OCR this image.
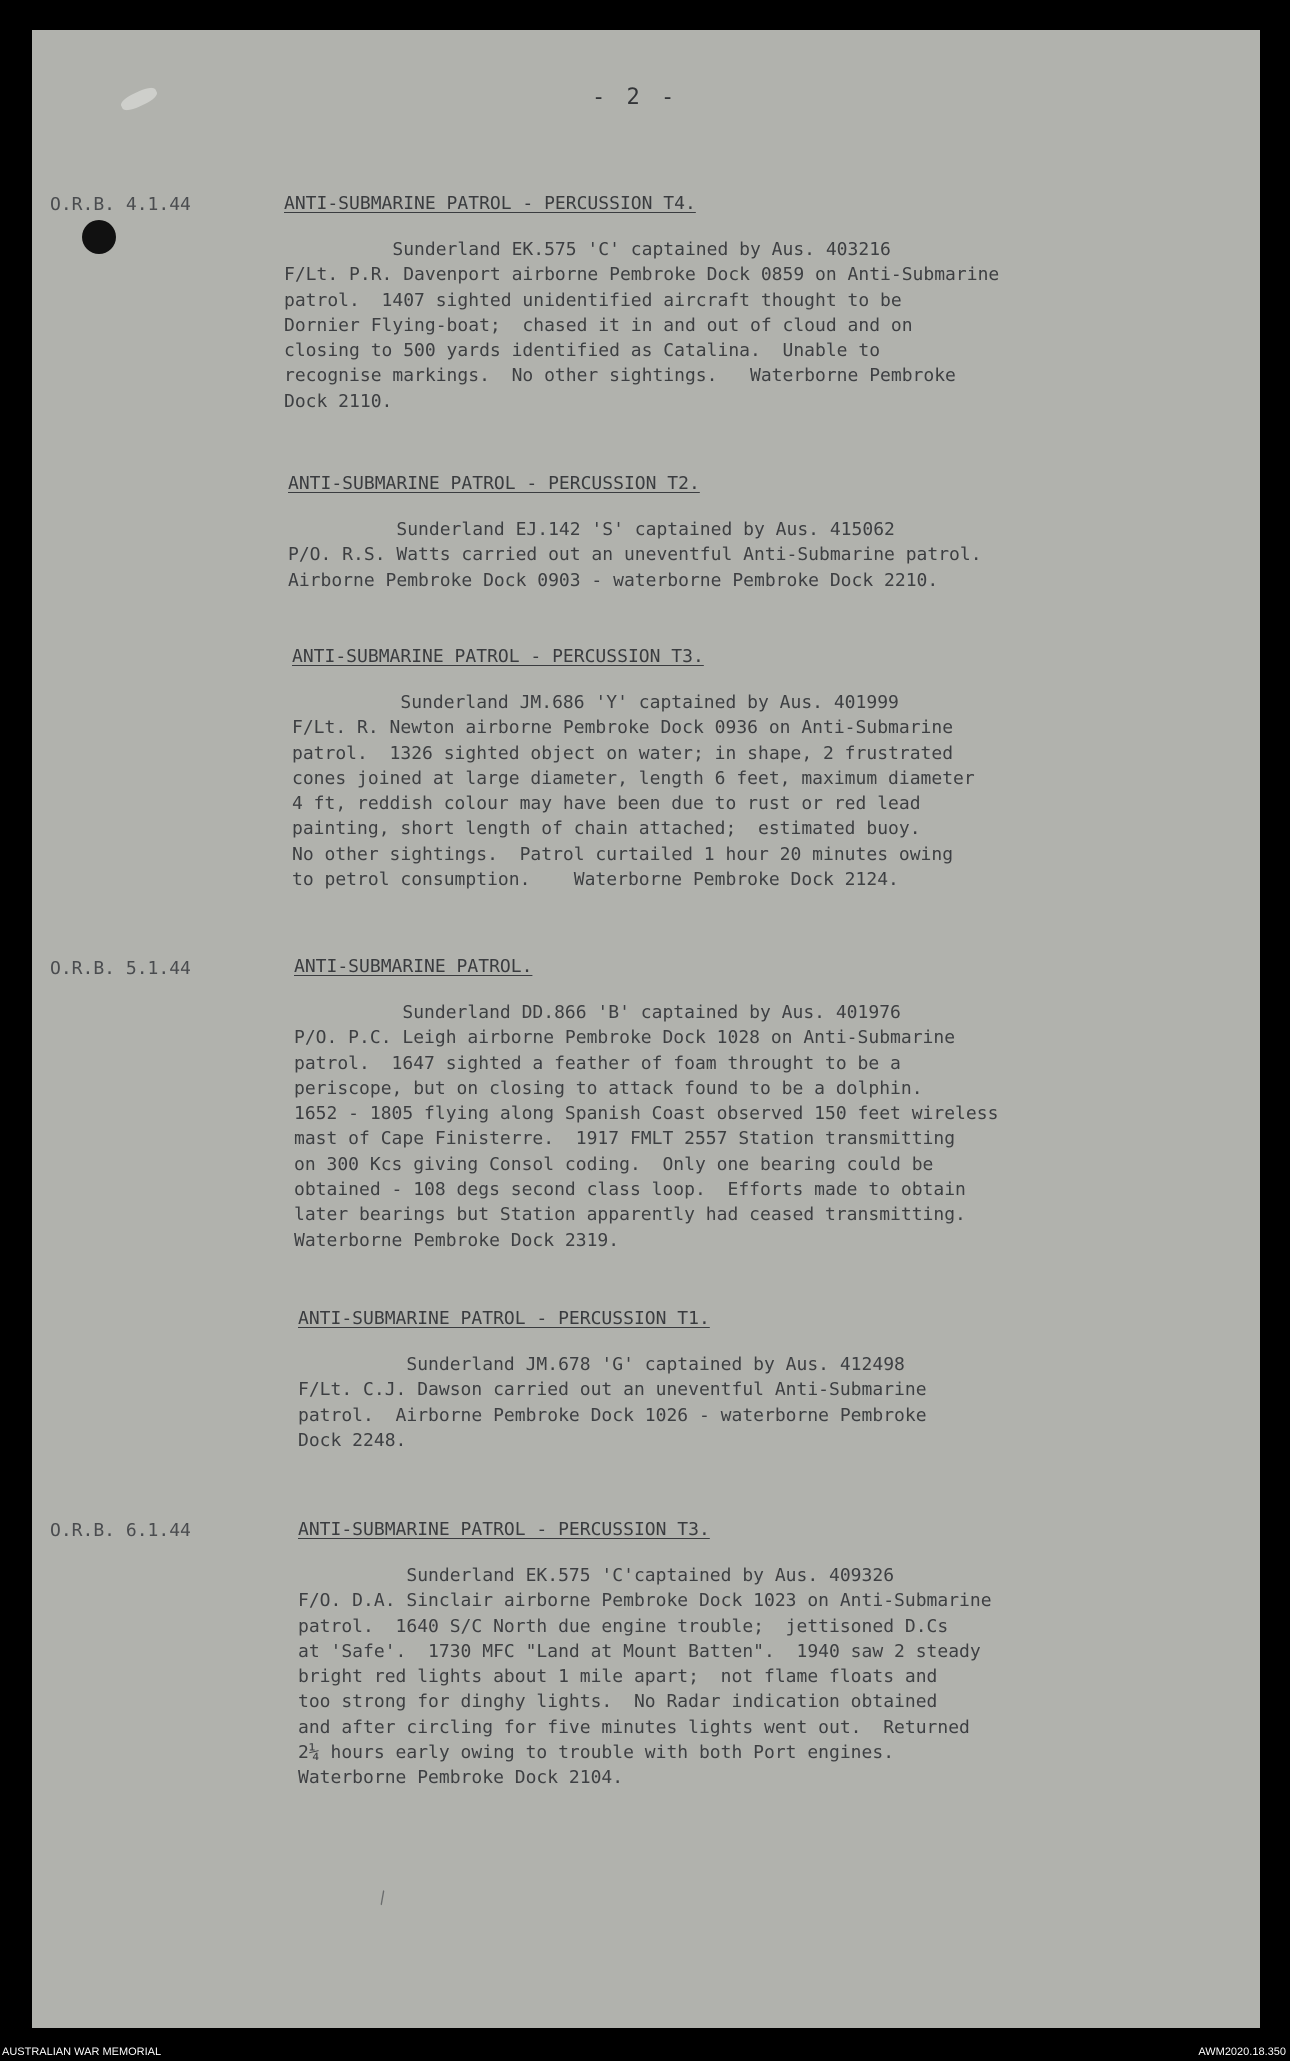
- 2 -
O.R.B. 4.1.44	ANTI-SUBMARINE PATROL - PERCUSSION T4.
Sunderland EK.575 'C' captained by Aus. 403216
F/Lt. P.R. Davenport airborne Pembroke Dock 0859 on Anti-Submarine
patrol.  1407 sighted unidentified aircraft thought to be
Dornier Flying-boat;  chased it in and out of cloud and on
closing to 500 yards identified as Catalina.  Unable to
recognise markings.  No other sightings.   Waterborne Pembroke
Dock 2110.
ANTI-SUBMARINE PATROL - PERCUSSION T2.
Sunderland EJ.142 'S' captained by Aus. 415062
P/O. R.S. Watts carried out an uneventful Anti-Submarine patrol.
Airborne Pembroke Dock 0903 - waterborne Pembroke Dock 2210.
ANTI-SUBMARINE PATROL - PERCUSSION T3.
Sunderland JM.686 'Y' captained by Aus. 401999
F/Lt. R. Newton airborne Pembroke Dock 0936 on Anti-Submarine
patrol.  1326 sighted object on water; in shape, 2 frustrated
cones joined at large diameter, length 6 feet, maximum diameter
4 ft, reddish colour may have been due to rust or red lead
painting, short length of chain attached;  estimated buoy.
No other sightings.  Patrol curtailed 1 hour 20 minutes owing
to petrol consumption.    Waterborne Pembroke Dock 2124.
O.R.B. 5.1.44	ANTI-SUBMARINE PATROL.
Sunderland DD.866 'B' captained by Aus. 401976
P/O. P.C. Leigh airborne Pembroke Dock 1028 on Anti-Submarine
patrol.  1647 sighted a feather of foam throught to be a
periscope, but on closing to attack found to be a dolphin.
1652 - 1805 flying along Spanish Coast observed 150 feet wireless
mast of Cape Finisterre.  1917 FMLT 2557 Station transmitting
on 300 Kcs giving Consol coding.  Only one bearing could be
obtained - 108 degs second class loop.  Efforts made to obtain
later bearings but Station apparently had ceased transmitting.
Waterborne Pembroke Dock 2319.
ANTI-SUBMARINE PATROL - PERCUSSION T1.
Sunderland JM.678 'G' captained by Aus. 412498
F/Lt. C.J. Dawson carried out an uneventful Anti-Submarine
patrol.  Airborne Pembroke Dock 1026 - waterborne Pembroke
Dock 2248.
O.R.B. 6.1.44	ANTI-SUBMARINE PATROL - PERCUSSION T3.
Sunderland EK.575 'C'captained by Aus. 409326
F/O. D.A. Sinclair airborne Pembroke Dock 1023 on Anti-Submarine
patrol.  1640 S/C North due engine trouble;  jettisoned D.Cs
at 'Safe'.  1730 MFC "Land at Mount Batten".  1940 saw 2 steady
bright red lights about 1 mile apart;  not flame floats and
too strong for dinghy lights.  No Radar indication obtained
and after circling for five minutes lights went out.  Returned
2¼ hours early owing to trouble with both Port engines.
Waterborne Pembroke Dock 2104.
\
AUSTRALIAN WAR MEMORIAL	AWM2020.18.350
